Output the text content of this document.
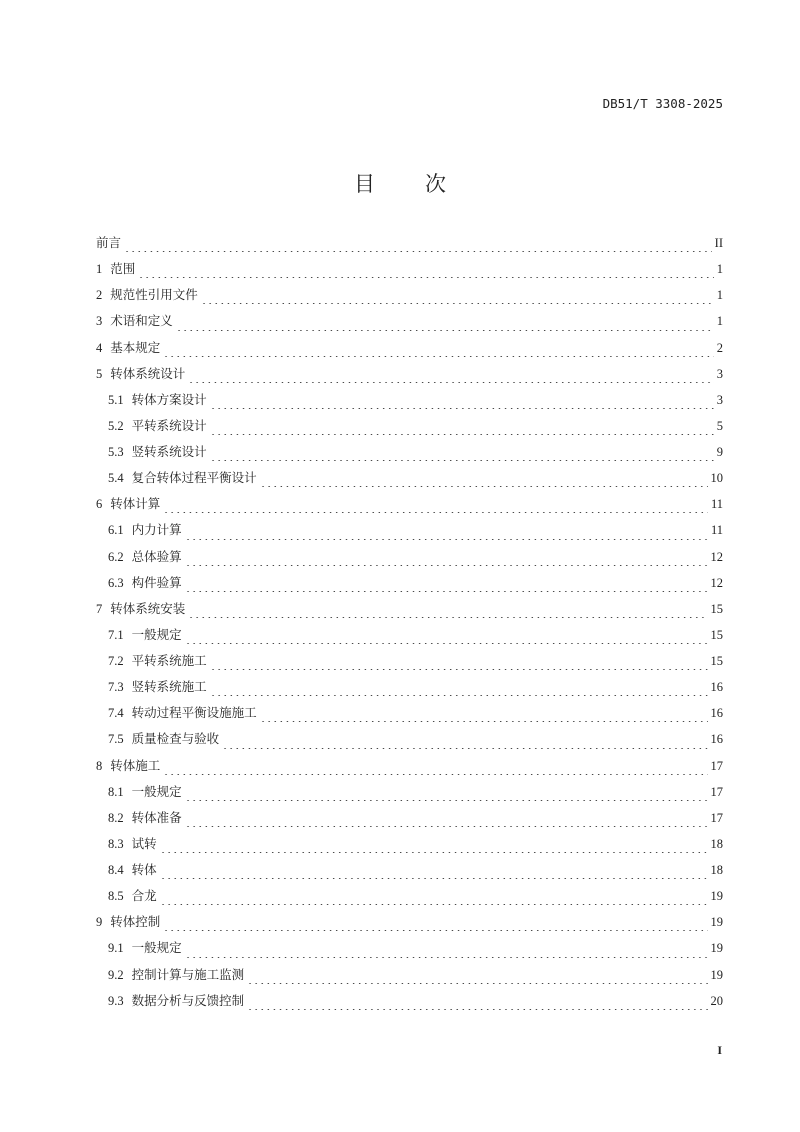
DB51/T 3308-2025
目 次
前言	II
1 范围	1
2 规范性引用文件	1
3 术语和定义	1
4 基本规定	2
5 转体系统设计	3
5.1 转体方案设计	3
5.2 平转系统设计	5
5.3 竖转系统设计	9
5.4 复合转体过程平衡设计	10
6 转体计算	11
6.1 内力计算	11
6.2 总体验算	12
6.3 构件验算	12
7 转体系统安装	15
7.1 一般规定	15
7.2 平转系统施工	15
7.3 竖转系统施工	16
7.4 转动过程平衡设施施工	16
7.5 质量检查与验收	16
8 转体施工	17
8.1 一般规定	17
8.2 转体准备	17
8.3 试转	18
8.4 转体	18
8.5 合龙	19
9 转体控制	19
9.1 一般规定	19
9.2 控制计算与施工监测	19
9.3 数据分析与反馈控制	20
I
